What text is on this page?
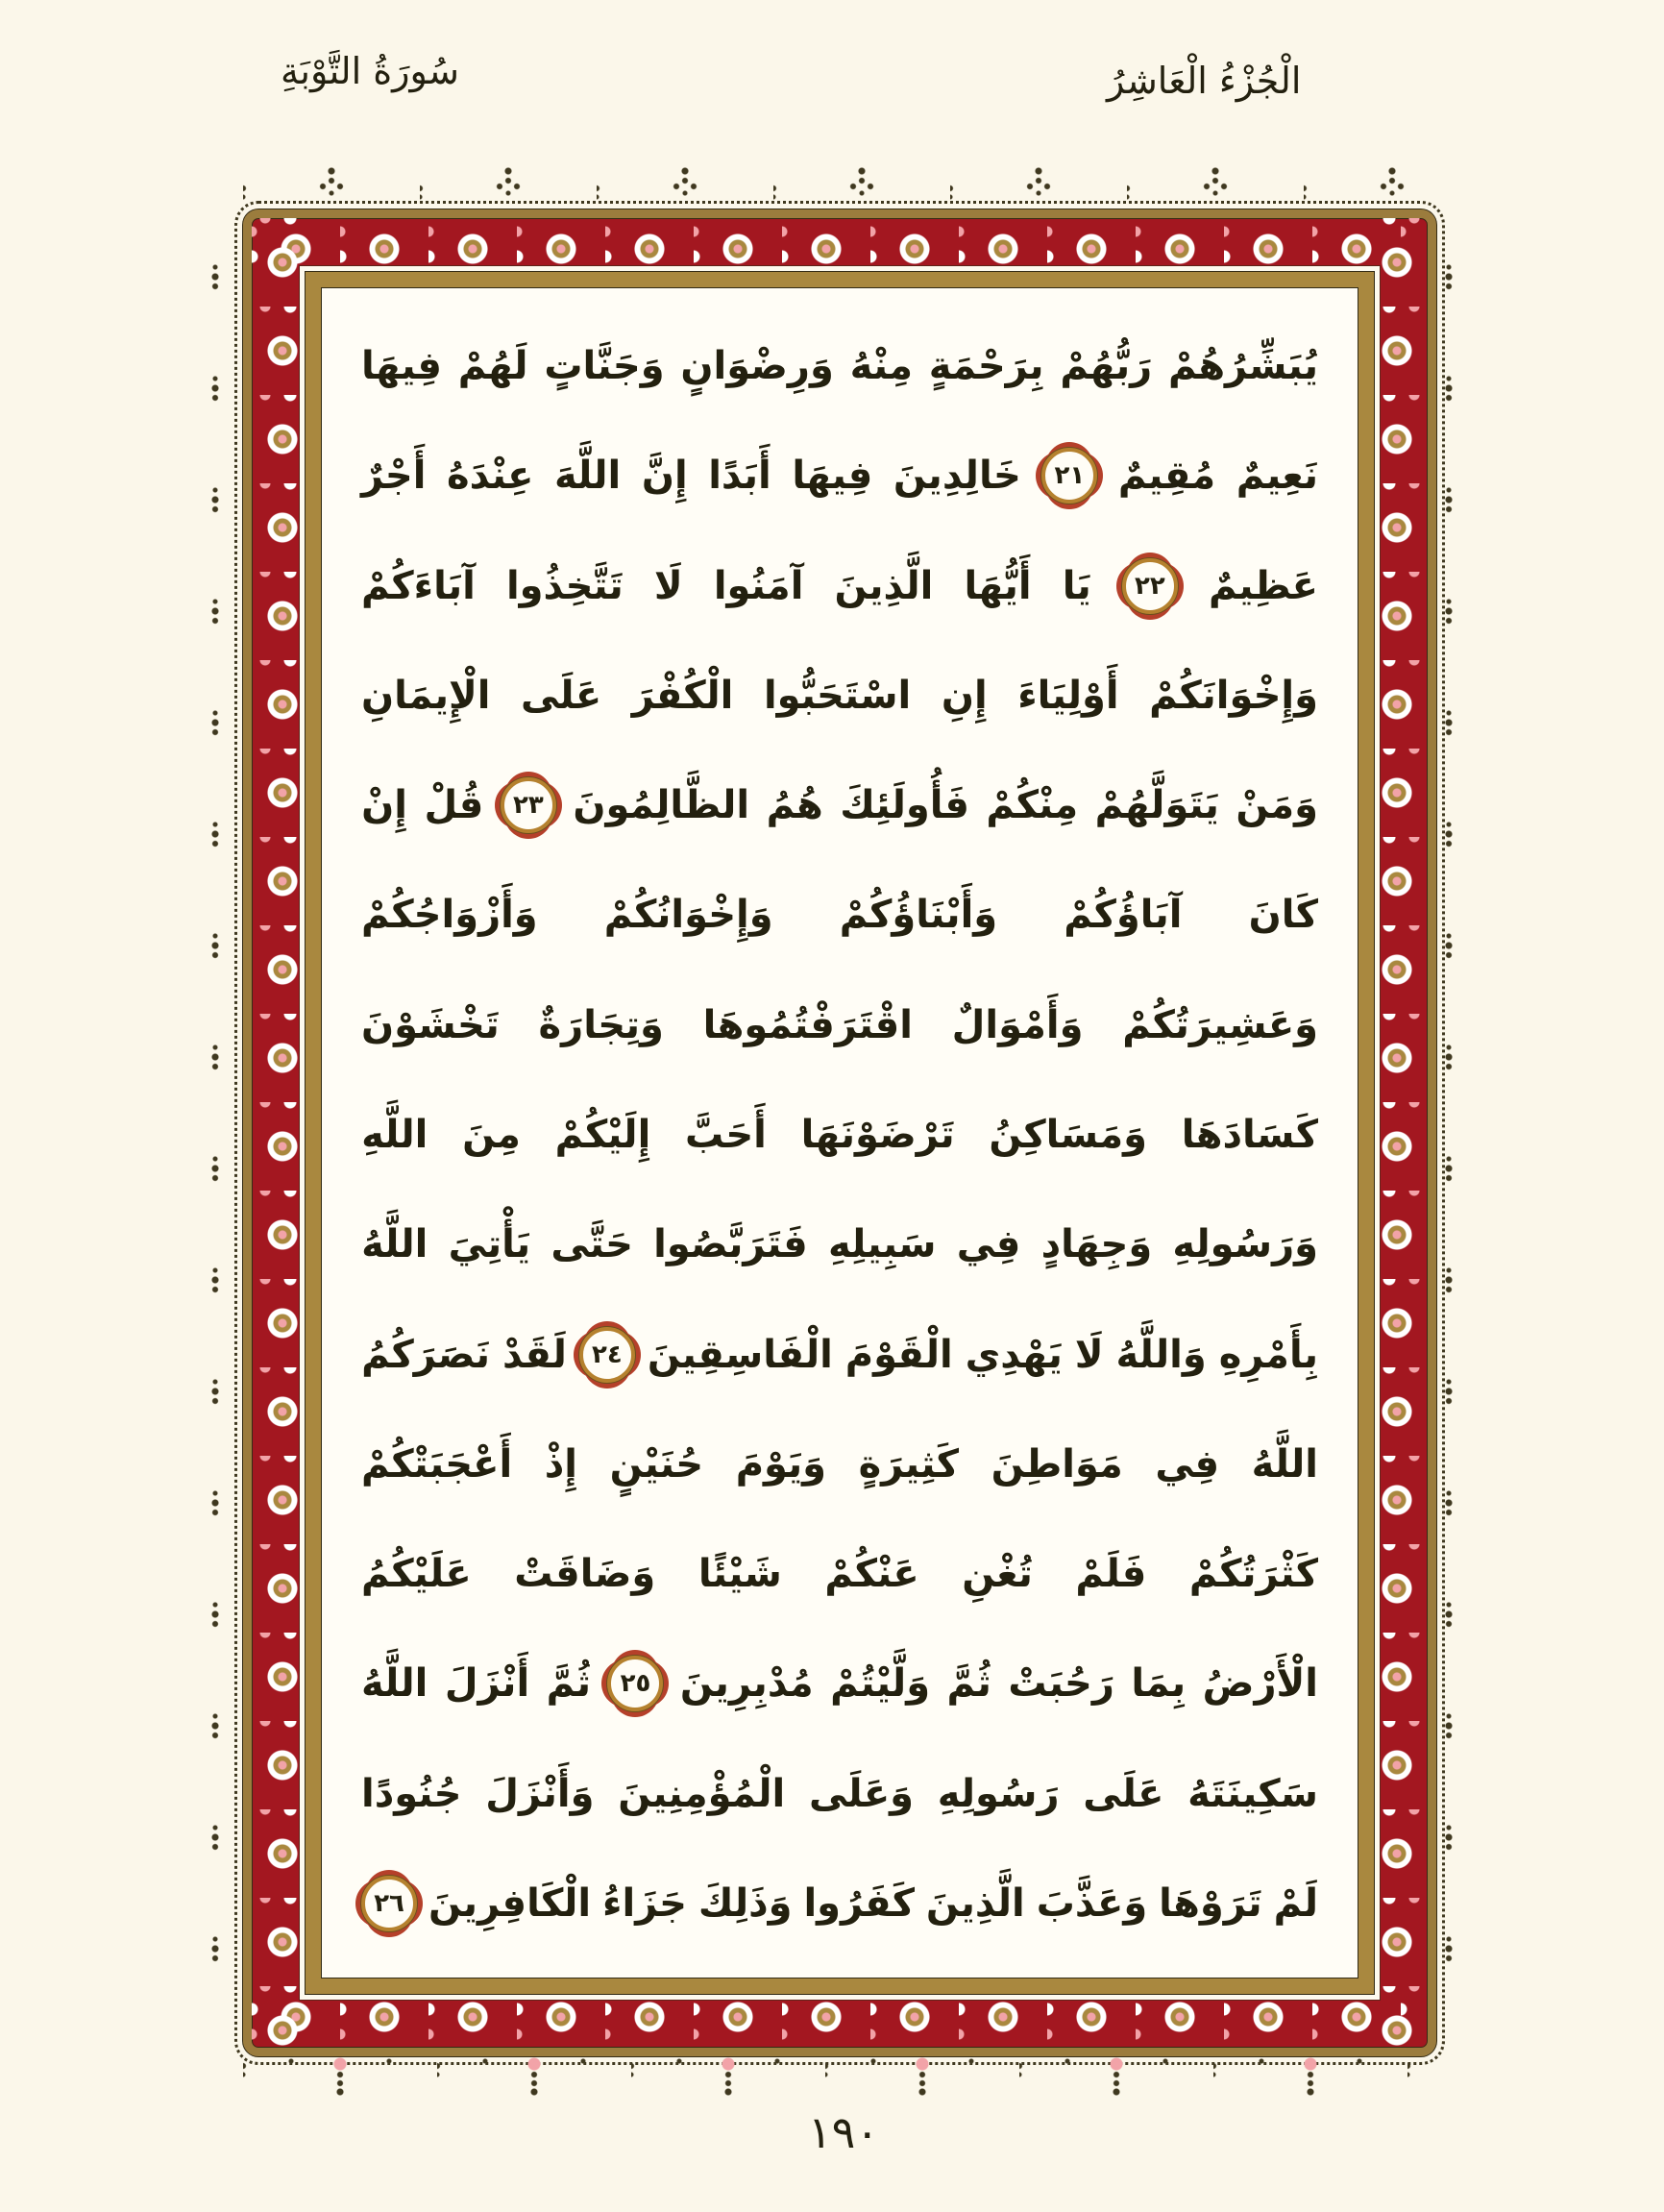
سُورَةُ التَّوْبَةِ	الْجُزْءُ الْعَاشِرُ
يُبَشِّرُهُمْ
رَبُّهُمْ
بِرَحْمَةٍ
مِنْهُ
وَرِضْوَانٍ
وَجَنَّاتٍ
لَهُمْ
فِيهَا
نَعِيمٌ
مُقِيمٌ
٢١
خَالِدِينَ
فِيهَا
أَبَدًا
إِنَّ
اللَّهَ
عِنْدَهُ
أَجْرٌ
عَظِيمٌ
٢٢
يَا
أَيُّهَا
الَّذِينَ
آمَنُوا
لَا
تَتَّخِذُوا
آبَاءَكُمْ
وَإِخْوَانَكُمْ
أَوْلِيَاءَ
إِنِ
اسْتَحَبُّوا
الْكُفْرَ
عَلَى
الْإِيمَانِ
وَمَنْ
يَتَوَلَّهُمْ
مِنْكُمْ
فَأُولَئِكَ
هُمُ
الظَّالِمُونَ
٢٣
قُلْ
إِنْ
كَانَ
آبَاؤُكُمْ
وَأَبْنَاؤُكُمْ
وَإِخْوَانُكُمْ
وَأَزْوَاجُكُمْ
وَعَشِيرَتُكُمْ
وَأَمْوَالٌ
اقْتَرَفْتُمُوهَا
وَتِجَارَةٌ
تَخْشَوْنَ
كَسَادَهَا
وَمَسَاكِنُ
تَرْضَوْنَهَا
أَحَبَّ
إِلَيْكُمْ
مِنَ
اللَّهِ
وَرَسُولِهِ
وَجِهَادٍ
فِي
سَبِيلِهِ
فَتَرَبَّصُوا
حَتَّى
يَأْتِيَ
اللَّهُ
بِأَمْرِهِ
وَاللَّهُ
لَا
يَهْدِي
الْقَوْمَ
الْفَاسِقِينَ
٢٤
لَقَدْ
نَصَرَكُمُ
اللَّهُ
فِي
مَوَاطِنَ
كَثِيرَةٍ
وَيَوْمَ
حُنَيْنٍ
إِذْ
أَعْجَبَتْكُمْ
كَثْرَتُكُمْ
فَلَمْ
تُغْنِ
عَنْكُمْ
شَيْئًا
وَضَاقَتْ
عَلَيْكُمُ
الْأَرْضُ
بِمَا
رَحُبَتْ
ثُمَّ
وَلَّيْتُمْ
مُدْبِرِينَ
٢٥
ثُمَّ
أَنْزَلَ
اللَّهُ
سَكِينَتَهُ
عَلَى
رَسُولِهِ
وَعَلَى
الْمُؤْمِنِينَ
وَأَنْزَلَ
جُنُودًا
لَمْ
تَرَوْهَا
وَعَذَّبَ
الَّذِينَ
كَفَرُوا
وَذَلِكَ
جَزَاءُ
الْكَافِرِينَ
٢٦
١٩٠
